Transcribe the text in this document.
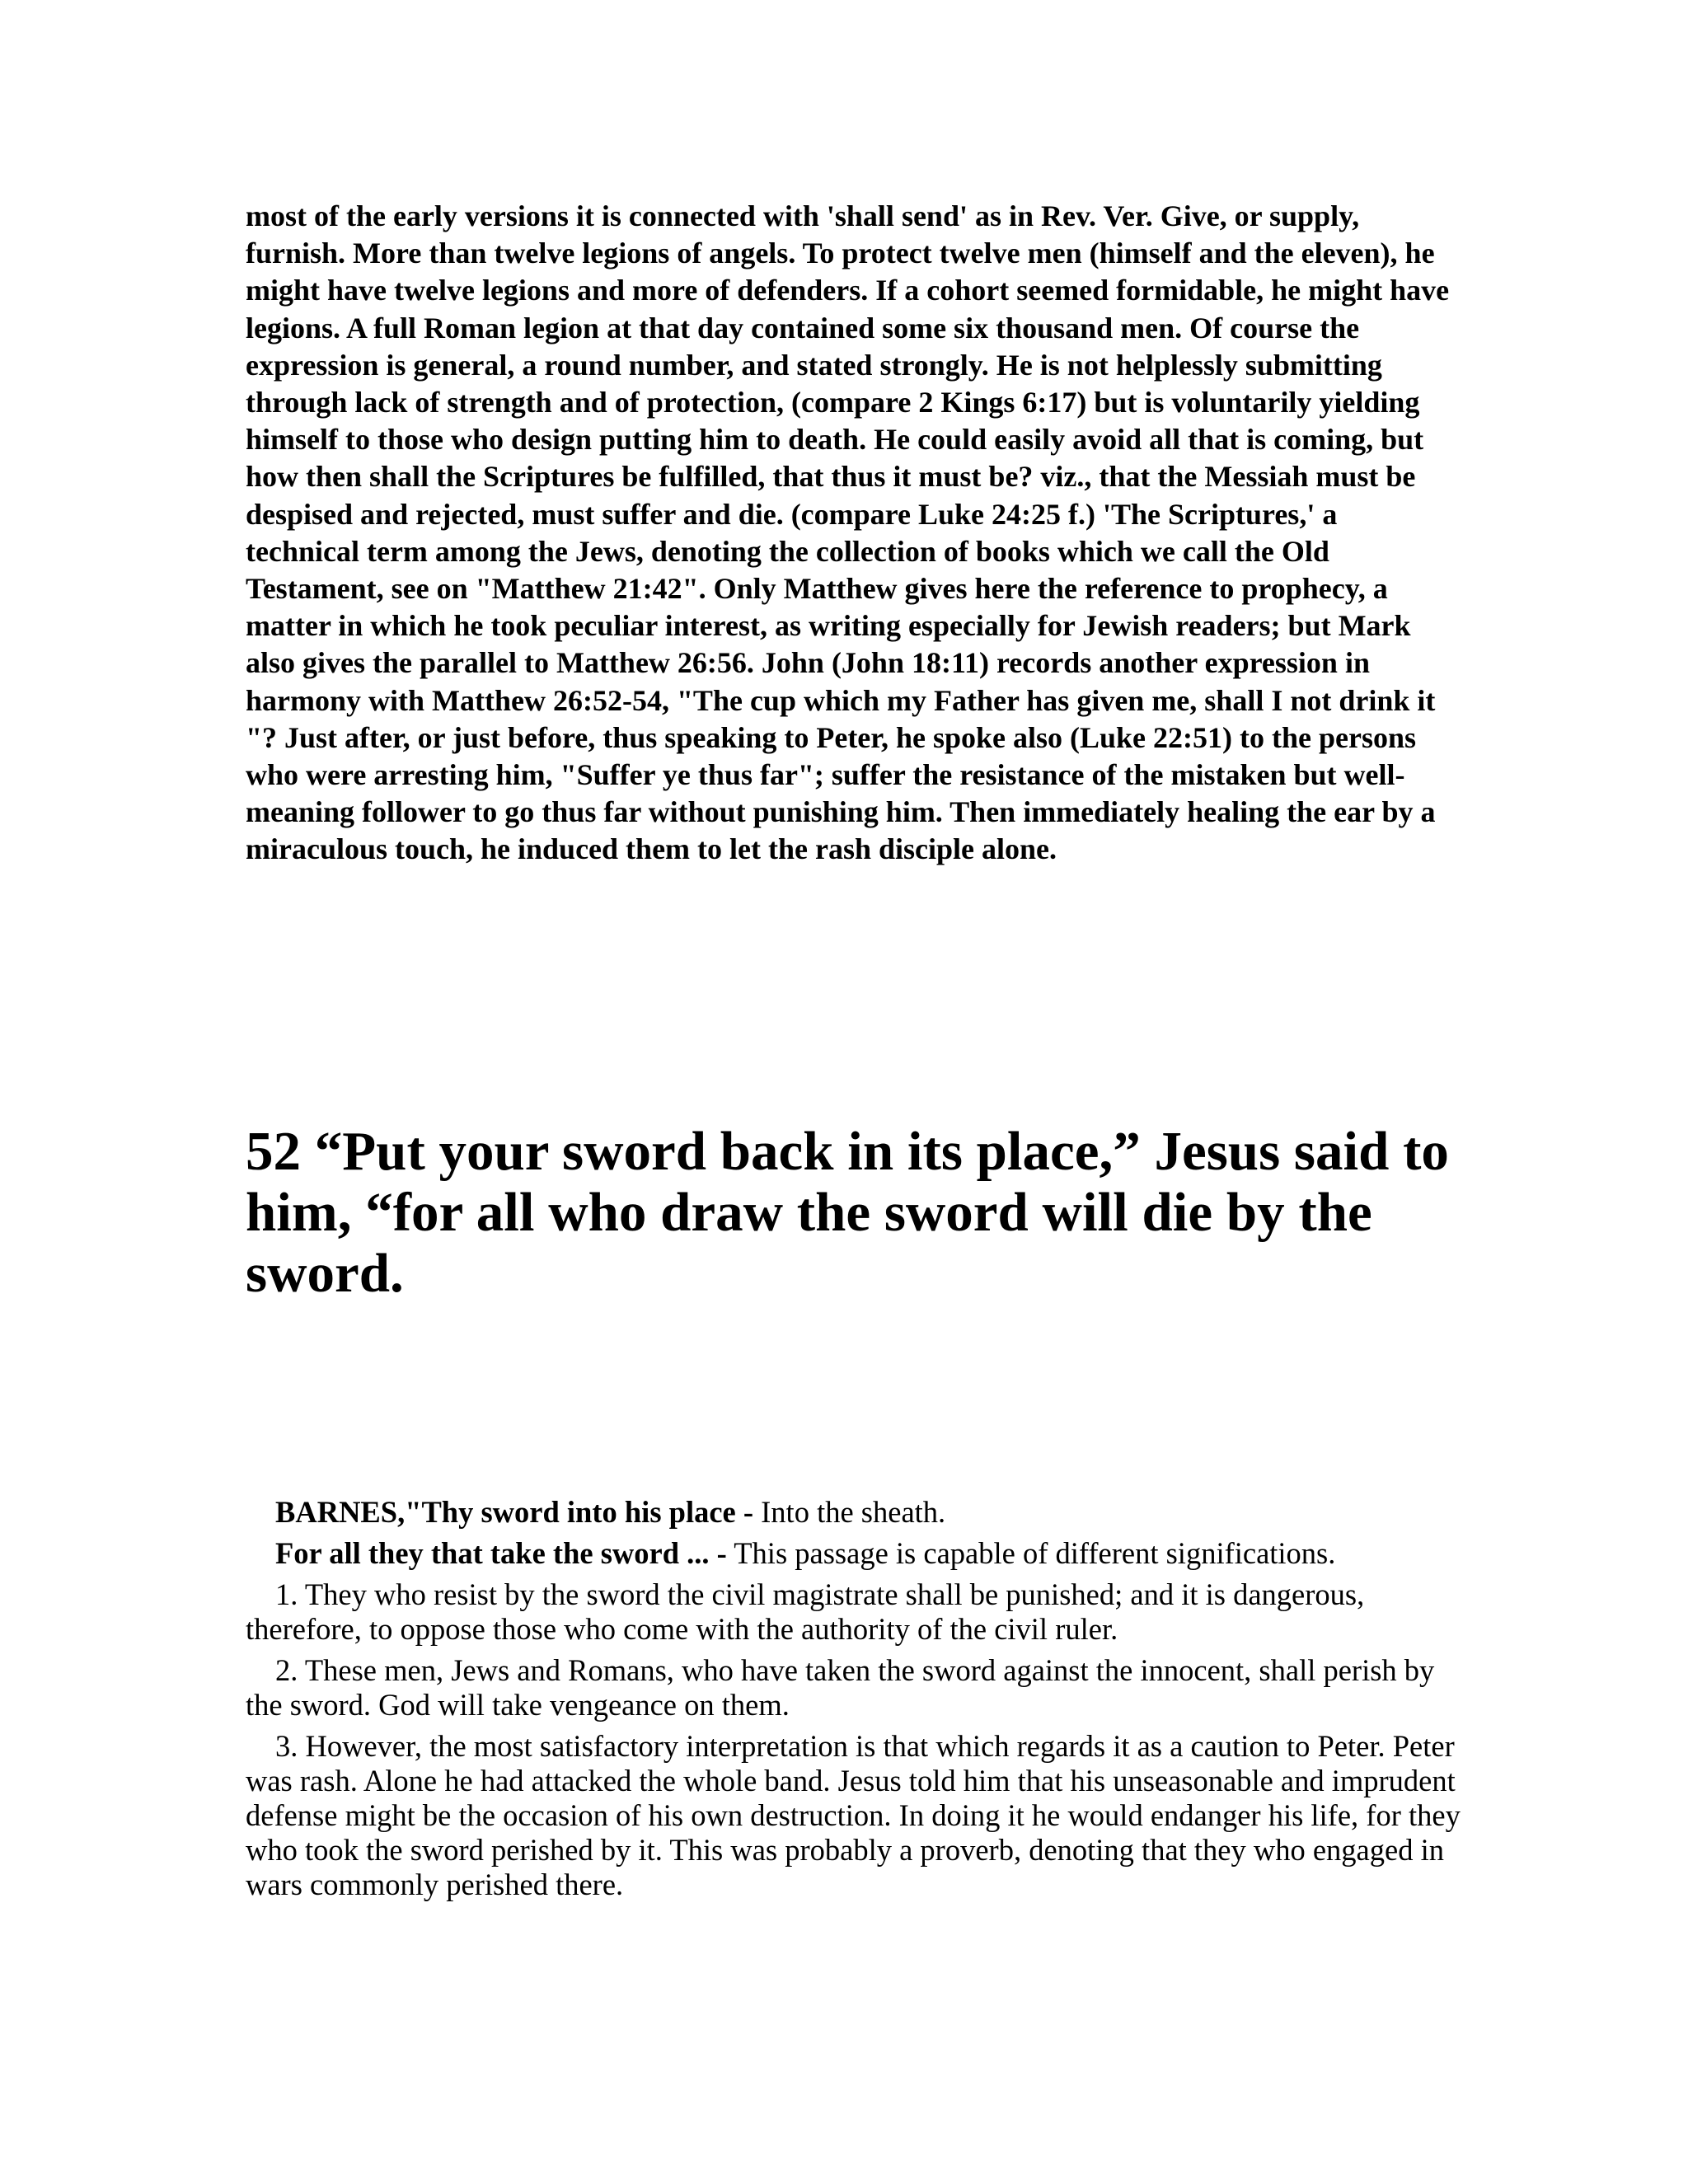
most of the early versions it is connected with 'shall send' as in Rev. Ver. Give, or supply, furnish. More than twelve legions of angels. To protect twelve men (himself and the eleven), he might have twelve legions and more of defenders. If a cohort seemed formidable, he might have legions. A full Roman legion at that day contained some six thousand men. Of course the expression is general, a round number, and stated strongly. He is not helplessly submitting through lack of strength and of protection, (compare 2 Kings 6:17) but is voluntarily yielding himself to those who design putting him to death. He could easily avoid all that is coming, but how then shall the Scriptures be fulfilled, that thus it must be? viz., that the Messiah must be despised and rejected, must suffer and die. (compare Luke 24:25 f.) 'The Scriptures,' a technical term among the Jews, denoting the collection of books which we call the Old Testament, see on "Matthew 21:42". Only Matthew gives here the reference to prophecy, a matter in which he took peculiar interest, as writing especially for Jewish readers; but Mark also gives the parallel to Matthew 26:56. John (John 18:11) records another expression in harmony with Matthew 26:52-54, "The cup which my Father has given me, shall I not drink it "? Just after, or just before, thus speaking to Peter, he spoke also (Luke 22:51) to the persons who were arresting him, "Suffer ye thus far"; suffer the resistance of the mistaken but well-meaning follower to go thus far without punishing him. Then immediately healing the ear by a miraculous touch, he induced them to let the rash disciple alone.

52 “Put your sword back in its place,” Jesus said to him, “for all who draw the sword will die by the sword.

BARNES,"Thy sword into his place - Into the sheath.

For all they that take the sword ... - This passage is capable of different significations.

1. They who resist by the sword the civil magistrate shall be punished; and it is dangerous, therefore, to oppose those who come with the authority of the civil ruler.

2. These men, Jews and Romans, who have taken the sword against the innocent, shall perish by the sword. God will take vengeance on them.

3. However, the most satisfactory interpretation is that which regards it as a caution to Peter. Peter was rash. Alone he had attacked the whole band. Jesus told him that his unseasonable and imprudent defense might be the occasion of his own destruction. In doing it he would endanger his life, for they who took the sword perished by it. This was probably a proverb, denoting that they who engaged in wars commonly perished there.
